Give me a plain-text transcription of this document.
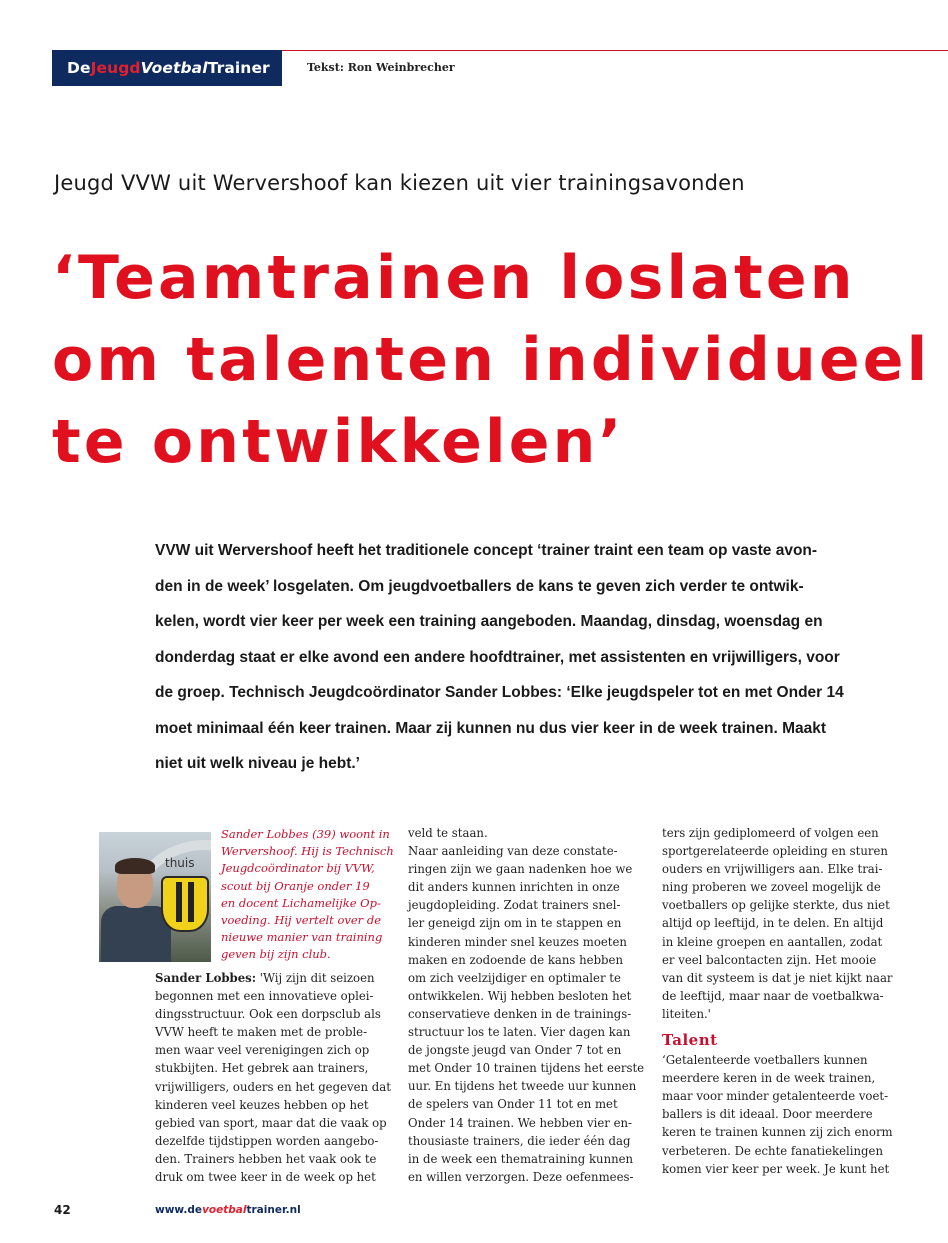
De Jeugd Voetbal Trainer	Tekst: Ron Weinbrecher
Jeugd VVW uit Wervershoof kan kiezen uit vier trainingsavonden
‘Teamtrainen loslaten
om talenten individueel
te ontwikkelen’
VVW uit Wervershoof heeft het traditionele concept ‘trainer traint een team op vaste avon-
den in de week’ losgelaten. Om jeugdvoetballers de kans te geven zich verder te ontwik-
kelen, wordt vier keer per week een training aangeboden. Maandag, dinsdag, woensdag en
donderdag staat er elke avond een andere hoofdtrainer, met assistenten en vrijwilligers, voor
de groep. Technisch Jeugdcoördinator Sander Lobbes: ‘Elke jeugdspeler tot en met Onder 14
moet minimaal één keer trainen. Maar zij kunnen nu dus vier keer in de week trainen. Maakt
niet uit welk niveau je hebt.’
thuis
Sander Lobbes (39) woont in
Wervershoof. Hij is Technisch
Jeugdcoördinator bij VVW,
scout bij Oranje onder 19
en docent Lichamelijke Op-
voeding. Hij vertelt over de
nieuwe manier van training
geven bij zijn club.
Sander Lobbes: 'Wij zijn dit seizoen
begonnen met een innovatieve oplei-
dingsstructuur. Ook een dorpsclub als
VVW heeft te maken met de proble-
men waar veel verenigingen zich op
stukbijten. Het gebrek aan trainers,
vrijwilligers, ouders en het gegeven dat
kinderen veel keuzes hebben op het
gebied van sport, maar dat die vaak op
dezelfde tijdstippen worden aangebo-
den. Trainers hebben het vaak ook te
druk om twee keer in de week op het
veld te staan.
Naar aanleiding van deze constate-
ringen zijn we gaan nadenken hoe we
dit anders kunnen inrichten in onze
jeugdopleiding. Zodat trainers snel-
ler geneigd zijn om in te stappen en
kinderen minder snel keuzes moeten
maken en zodoende de kans hebben
om zich veelzijdiger en optimaler te
ontwikkelen. Wij hebben besloten het
conservatieve denken in de trainings-
structuur los te laten. Vier dagen kan
de jongste jeugd van Onder 7 tot en
met Onder 10 trainen tijdens het eerste
uur. En tijdens het tweede uur kunnen
de spelers van Onder 11 tot en met
Onder 14 trainen. We hebben vier en-
thousiaste trainers, die ieder één dag
in de week een thematraining kunnen
en willen verzorgen. Deze oefenmees-
ters zijn gediplomeerd of volgen een
sportgerelateerde opleiding en sturen
ouders en vrijwilligers aan. Elke trai-
ning proberen we zoveel mogelijk de
voetballers op gelijke sterkte, dus niet
altijd op leeftijd, in te delen. En altijd
in kleine groepen en aantallen, zodat
er veel balcontacten zijn. Het mooie
van dit systeem is dat je niet kijkt naar
de leeftijd, maar naar de voetbalkwa-
liteiten.'
Talent
‘Getalenteerde voetballers kunnen
meerdere keren in de week trainen,
maar voor minder getalenteerde voet-
ballers is dit ideaal. Door meerdere
keren te trainen kunnen zij zich enorm
verbeteren. De echte fanatiekelingen
komen vier keer per week. Je kunt het
42	www.devoetbaltrainer.nl
